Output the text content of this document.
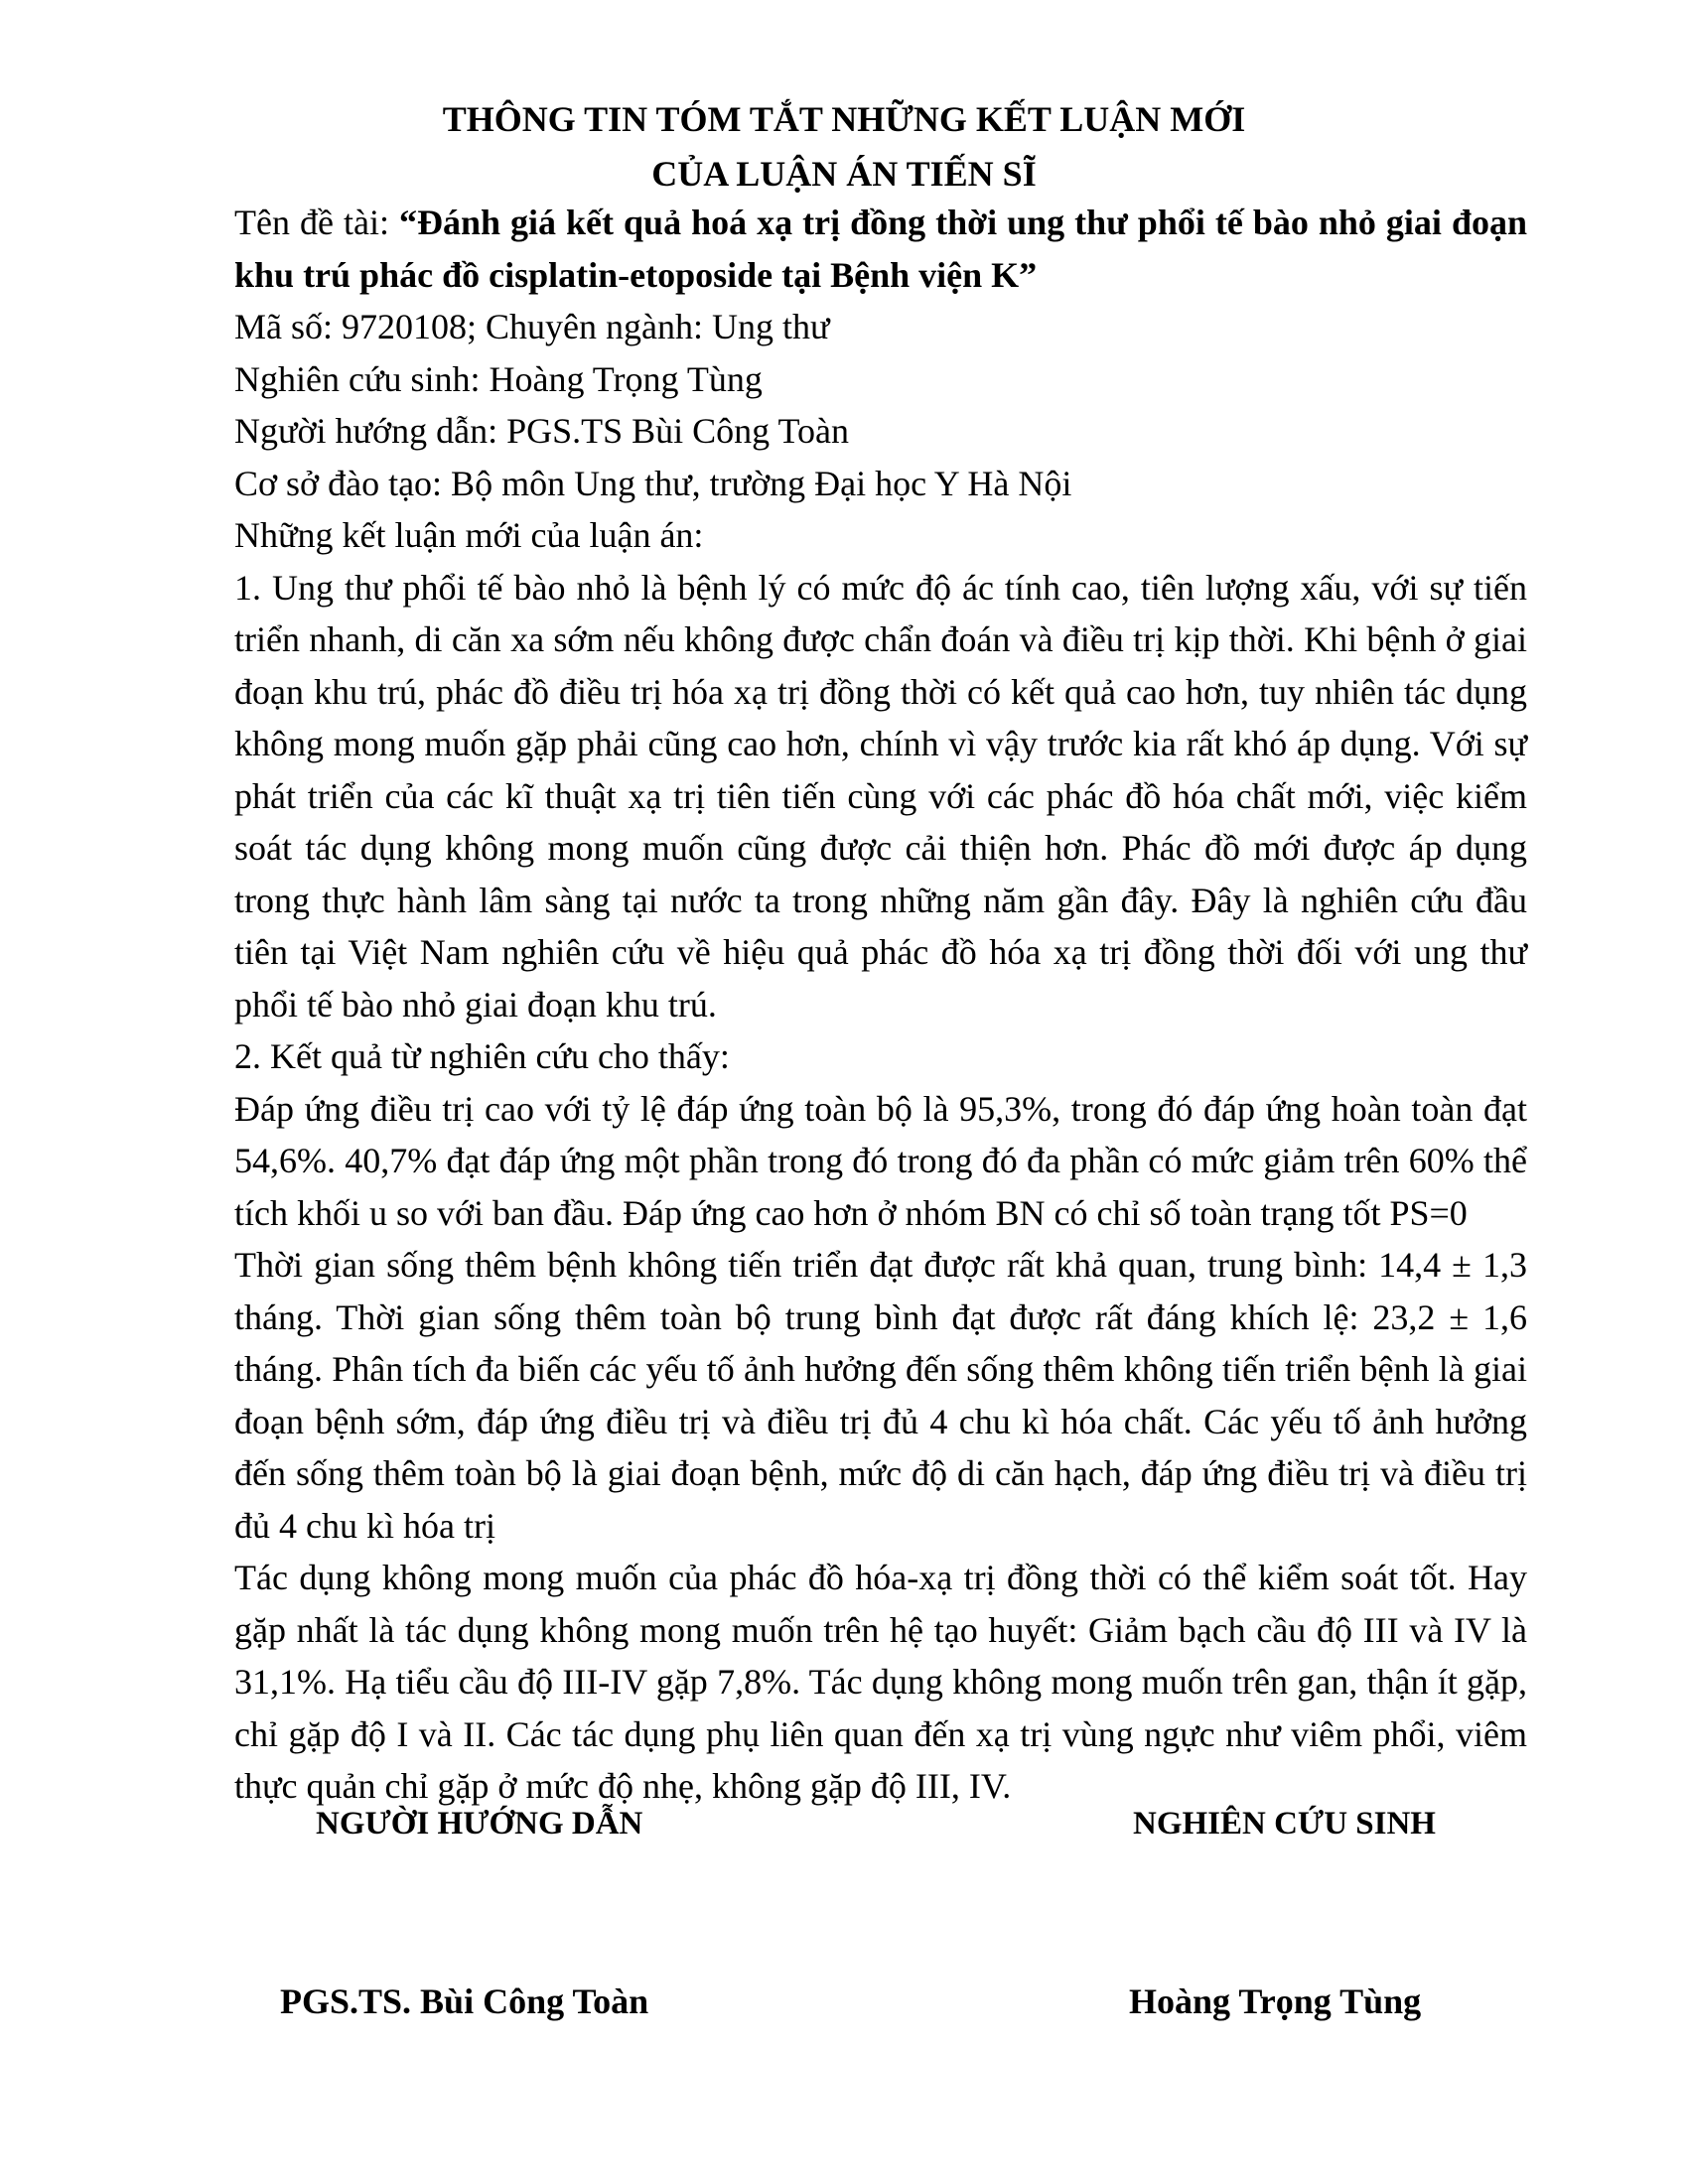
THÔNG TIN TÓM TẮT NHỮNG KẾT LUẬN MỚI

CỦA LUẬN ÁN TIẾN SĨ

Tên đề tài: “Đánh giá kết quả hoá xạ trị đồng thời ung thư phổi tế bào nhỏ giai đoạn khu trú phác đồ cisplatin-etoposide tại Bệnh viện K”

Mã số: 9720108; Chuyên ngành: Ung thư

Nghiên cứu sinh: Hoàng Trọng Tùng

Người hướng dẫn: PGS.TS Bùi Công Toàn

Cơ sở đào tạo: Bộ môn Ung thư, trường Đại học Y Hà Nội

Những kết luận mới của luận án:

1. Ung thư phổi tế bào nhỏ là bệnh lý có mức độ ác tính cao, tiên lượng xấu, với sự tiến triển nhanh, di căn xa sớm nếu không được chẩn đoán và điều trị kịp thời. Khi bệnh ở giai đoạn khu trú, phác đồ điều trị hóa xạ trị đồng thời có kết quả cao hơn, tuy nhiên tác dụng không mong muốn gặp phải cũng cao hơn, chính vì vậy trước kia rất khó áp dụng. Với sự phát triển của các kĩ thuật xạ trị tiên tiến cùng với các phác đồ hóa chất mới, việc kiểm soát tác dụng không mong muốn cũng được cải thiện hơn. Phác đồ mới được áp dụng trong thực hành lâm sàng tại nước ta trong những năm gần đây. Đây là nghiên cứu đầu tiên tại Việt Nam nghiên cứu về hiệu quả phác đồ hóa xạ trị đồng thời đối với ung thư phổi tế bào nhỏ giai đoạn khu trú.

2. Kết quả từ nghiên cứu cho thấy:

Đáp ứng điều trị cao với tỷ lệ đáp ứng toàn bộ là 95,3%, trong đó đáp ứng hoàn toàn đạt 54,6%. 40,7% đạt đáp ứng một phần trong đó trong đó đa phần có mức giảm trên 60% thể tích khối u so với ban đầu. Đáp ứng cao hơn ở nhóm BN có chỉ số toàn trạng tốt PS=0

Thời gian sống thêm bệnh không tiến triển đạt được rất khả quan, trung bình: 14,4 ± 1,3 tháng. Thời gian sống thêm toàn bộ trung bình đạt được rất đáng khích lệ: 23,2 ± 1,6 tháng. Phân tích đa biến các yếu tố ảnh hưởng đến sống thêm không tiến triển bệnh là giai đoạn bệnh sớm, đáp ứng điều trị và điều trị đủ 4 chu kì hóa chất. Các yếu tố ảnh hưởng đến sống thêm toàn bộ là giai đoạn bệnh, mức độ di căn hạch, đáp ứng điều trị và điều trị đủ 4 chu kì hóa trị

Tác dụng không mong muốn của phác đồ hóa-xạ trị đồng thời có thể kiểm soát tốt. Hay gặp nhất là tác dụng không mong muốn trên hệ tạo huyết: Giảm bạch cầu độ III và IV là 31,1%. Hạ tiểu cầu độ III-IV gặp 7,8%. Tác dụng không mong muốn trên gan, thận ít gặp, chỉ gặp độ I và II. Các tác dụng phụ liên quan đến xạ trị vùng ngực như viêm phổi, viêm thực quản chỉ gặp ở mức độ nhẹ, không gặp độ III, IV.

NGƯỜI HƯỚNG DẪN	NGHIÊN CỨU SINH
PGS.TS. Bùi Công Toàn	Hoàng Trọng Tùng
